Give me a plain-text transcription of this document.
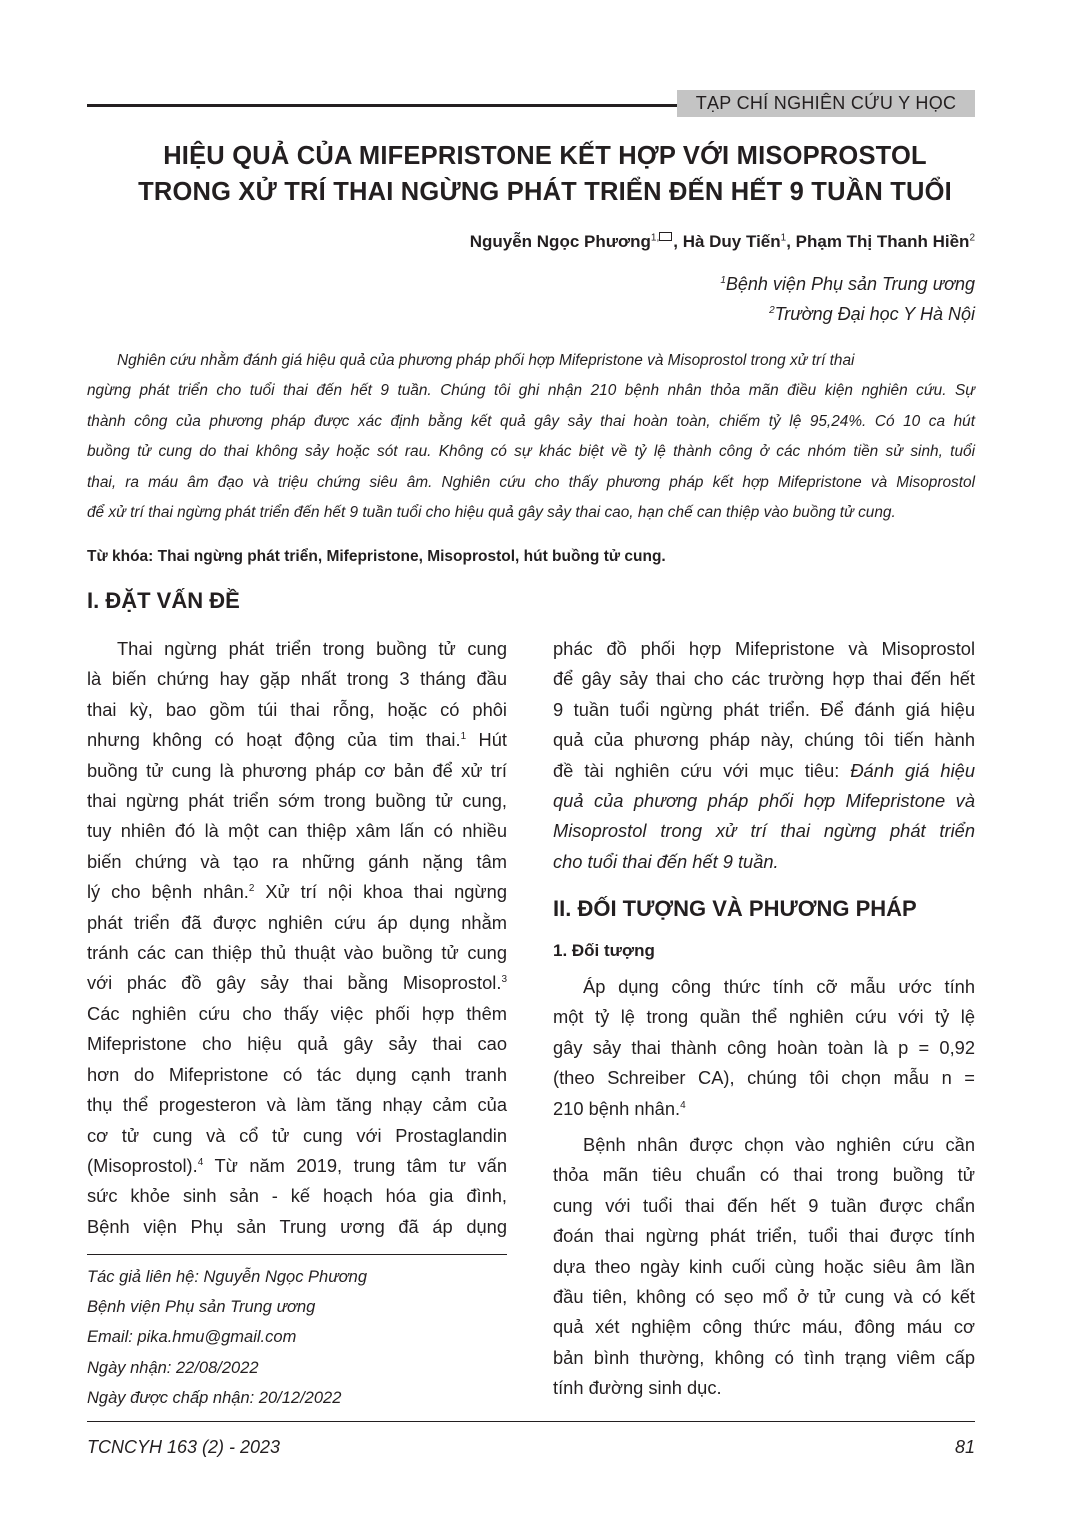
TẠP CHÍ NGHIÊN CỨU Y HỌC
HIỆU QUẢ CỦA MIFEPRISTONE KẾT HỢP VỚI MISOPROSTOL
TRONG XỬ TRÍ THAI NGỪNG PHÁT TRIỂN ĐẾN HẾT 9 TUẦN TUỔI
Nguyễn Ngọc Phương$^{1,}$ , Hà Duy Tiến$^1$, Phạm Thị Thanh Hiền$^2$
$^1$Bệnh viện Phụ sản Trung ương
$^2$Trường Đại học Y Hà Nội
Nghiên cứu nhằm đánh giá hiệu quả của phương pháp phối hợp Mifepristone và Misoprostol trong xử trí thai
ngừng phát triển cho tuổi thai đến hết 9 tuần. Chúng tôi ghi nhận 210 bệnh nhân thỏa mãn điều kiện nghiên cứu. Sự
thành công của phương pháp được xác định bằng kết quả gây sảy thai hoàn toàn, chiếm tỷ lệ 95,24%. Có 10 ca hút
buồng tử cung do thai không sảy hoặc sót rau. Không có sự khác biệt về tỷ lệ thành công ở các nhóm tiền sử sinh, tuổi
thai, ra máu âm đạo và triệu chứng siêu âm. Nghiên cứu cho thấy phương pháp kết hợp Mifepristone và Misoprostol
để xử trí thai ngừng phát triển đến hết 9 tuần tuổi cho hiệu quả gây sảy thai cao, hạn chế can thiệp vào buồng tử cung.
Từ khóa: Thai ngừng phát triển, Mifepristone, Misoprostol, hút buồng tử cung.
I. ĐẶT VẤN ĐỀ
Thai ngừng phát triển trong buồng tử cung
là biến chứng hay gặp nhất trong 3 tháng đầu
thai kỳ, bao gồm túi thai rỗng, hoặc có phôi
nhưng không có hoạt động của tim thai.$^1$ Hút
buồng tử cung là phương pháp cơ bản để xử trí
thai ngừng phát triển sớm trong buồng tử cung,
tuy nhiên đó là một can thiệp xâm lấn có nhiều
biến chứng và tạo ra những gánh nặng tâm
lý cho bệnh nhân.$^2$ Xử trí nội khoa thai ngừng
phát triển đã được nghiên cứu áp dụng nhằm
tránh các can thiệp thủ thuật vào buồng tử cung
với phác đồ gây sảy thai bằng Misoprostol.$^3$
Các nghiên cứu cho thấy việc phối hợp thêm
Mifepristone cho hiệu quả gây sảy thai cao
hơn do Mifepristone có tác dụng cạnh tranh
thụ thể progesteron và làm tăng nhạy cảm của
cơ tử cung và cổ tử cung với Prostaglandin
(Misoprostol).$^4$ Từ năm 2019, trung tâm tư vấn
sức khỏe sinh sản - kế hoạch hóa gia đình,
Bệnh viện Phụ sản Trung ương đã áp dụng
phác đồ phối hợp Mifepristone và Misoprostol
để gây sảy thai cho các trường hợp thai đến hết
9 tuần tuổi ngừng phát triển. Để đánh giá hiệu
quả của phương pháp này, chúng tôi tiến hành
đề tài nghiên cứu với mục tiêu: Đánh giá hiệu
quả của phương pháp phối hợp Mifepristone và
Misoprostol trong xử trí thai ngừng phát triển
cho tuổi thai đến hết 9 tuần.
II. ĐỐI TƯỢNG VÀ PHƯƠNG PHÁP
1. Đối tượng
Áp dụng công thức tính cỡ mẫu ước tính
một tỷ lệ trong quần thể nghiên cứu với tỷ lệ
gây sảy thai thành công hoàn toàn là p = 0,92
(theo Schreiber CA), chúng tôi chọn mẫu n =
210 bệnh nhân.$^4$
Bệnh nhân được chọn vào nghiên cứu cần
thỏa mãn tiêu chuẩn có thai trong buồng tử
cung với tuổi thai đến hết 9 tuần được chẩn
đoán thai ngừng phát triển, tuổi thai được tính
dựa theo ngày kinh cuối cùng hoặc siêu âm lần
đầu tiên, không có sẹo mổ ở tử cung và có kết
quả xét nghiệm công thức máu, đông máu cơ
bản bình thường, không có tình trạng viêm cấp
tính đường sinh dục.
Tác giả liên hệ: Nguyễn Ngọc Phương
Bệnh viện Phụ sản Trung ương
Email: pika.hmu@gmail.com
Ngày nhận: 22/08/2022
Ngày được chấp nhận: 20/12/2022
TCNCYH 163 (2) - 2023	81
